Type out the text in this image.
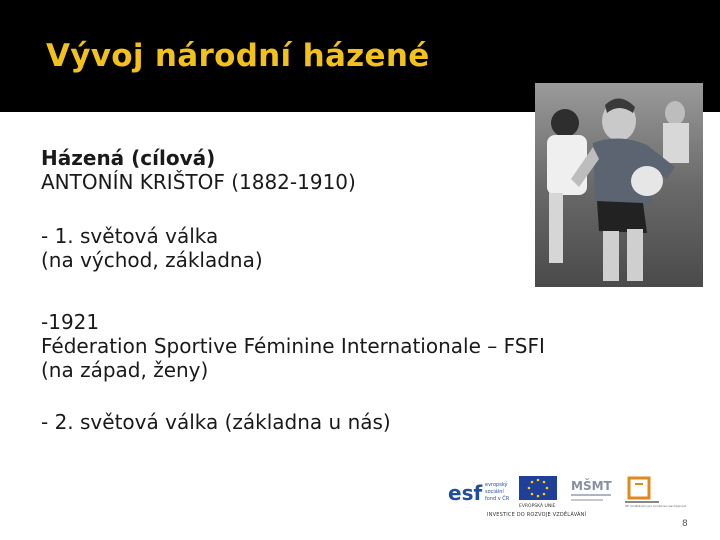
Vývoj národní házené
Házená (cílová)
ANTONÍN KRIŠTOF (1882-1910)
- 1. světová válka
(na východ, základna)
-1921
Féderation Sportive Féminine Internationale – FSFI
(na západ, ženy)
- 2. světová válka (základna u nás)
esf evropský
sociální
fond v ČR
EVROPSKÁ UNIE
MŠMT
OP Vzdělávání pro konkurenceschopnost
INVESTICE DO ROZVOJE VZDĚLÁVÁNÍ
8
